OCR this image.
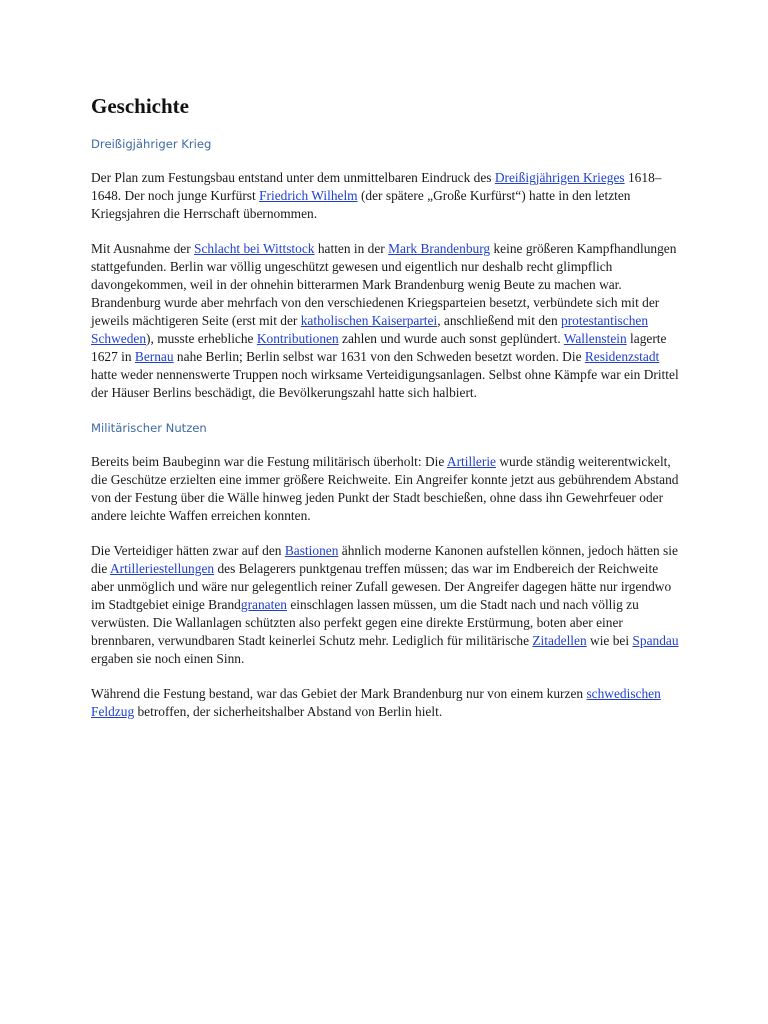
Geschichte
Dreißigjähriger Krieg

Der Plan zum Festungsbau entstand unter dem unmittelbaren Eindruck des Dreißigjährigen Krieges 1618–1648. Der noch junge Kurfürst Friedrich Wilhelm (der spätere „Große Kurfürst“) hatte in den letzten Kriegsjahren die Herrschaft übernommen.

Mit Ausnahme der Schlacht bei Wittstock hatten in der Mark Brandenburg keine größeren Kampfhandlungen stattgefunden. Berlin war völlig ungeschützt gewesen und eigentlich nur deshalb recht glimpflich davongekommen, weil in der ohnehin bitterarmen Mark Brandenburg wenig Beute zu machen war. Brandenburg wurde aber mehrfach von den verschiedenen Kriegsparteien besetzt, verbündete sich mit der jeweils mächtigeren Seite (erst mit der katholischen Kaiserpartei, anschließend mit den protestantischen Schweden), musste erhebliche Kontributionen zahlen und wurde auch sonst geplündert. Wallenstein lagerte 1627 in Bernau nahe Berlin; Berlin selbst war 1631 von den Schweden besetzt worden. Die Residenzstadt hatte weder nennenswerte Truppen noch wirksame Verteidigungsanlagen. Selbst ohne Kämpfe war ein Drittel der Häuser Berlins beschädigt, die Bevölkerungszahl hatte sich halbiert.

Militärischer Nutzen

Bereits beim Baubeginn war die Festung militärisch überholt: Die Artillerie wurde ständig weiterentwickelt, die Geschütze erzielten eine immer größere Reichweite. Ein Angreifer konnte jetzt aus gebührendem Abstand von der Festung über die Wälle hinweg jeden Punkt der Stadt beschießen, ohne dass ihn Gewehrfeuer oder andere leichte Waffen erreichen konnten.

Die Verteidiger hätten zwar auf den Bastionen ähnlich moderne Kanonen aufstellen können, jedoch hätten sie die Artilleriestellungen des Belagerers punktgenau treffen müssen; das war im Endbereich der Reichweite aber unmöglich und wäre nur gelegentlich reiner Zufall gewesen. Der Angreifer dagegen hätte nur irgendwo im Stadtgebiet einige Brandgranaten einschlagen lassen müssen, um die Stadt nach und nach völlig zu verwüsten. Die Wallanlagen schützten also perfekt gegen eine direkte Erstürmung, boten aber einer brennbaren, verwundbaren Stadt keinerlei Schutz mehr. Lediglich für militärische Zitadellen wie bei Spandau ergaben sie noch einen Sinn.

Während die Festung bestand, war das Gebiet der Mark Brandenburg nur von einem kurzen schwedischen Feldzug betroffen, der sicherheitshalber Abstand von Berlin hielt.
